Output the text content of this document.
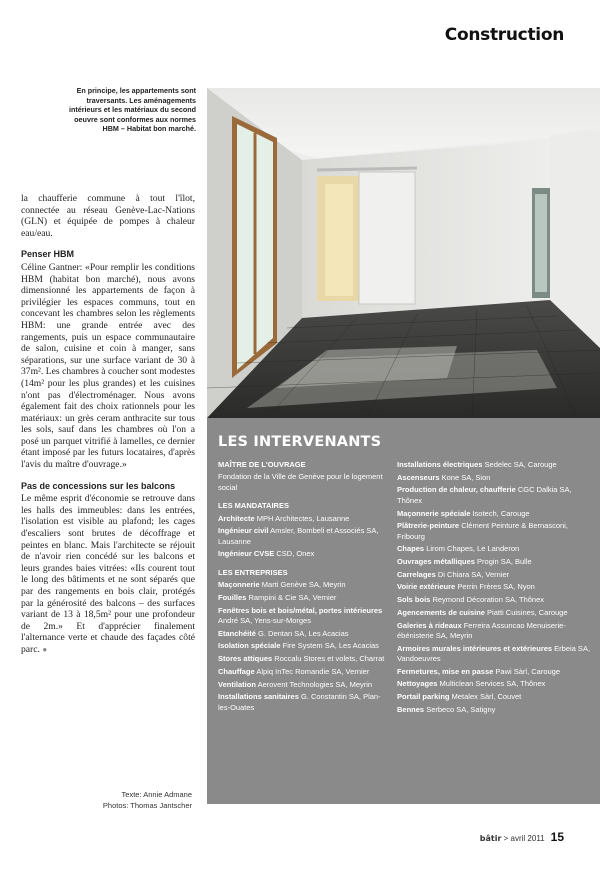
Construction
En principe, les appartements sont traversants. Les aménagements intérieurs et les matériaux du second oeuvre sont conformes aux normes HBM – Habitat bon marché.

la chaufferie commune à tout l'îlot, connectée au réseau Genève-Lac-Nations (GLN) et équipée de pompes à chaleur eau/eau.

Penser HBM

Céline Gantner: «Pour remplir les conditions HBM (habitat bon marché), nous avons dimensionné les appartements de façon à privilégier les espaces communs, tout en concevant les chambres selon les règlements HBM: une grande entrée avec des rangements, puis un espace communautaire de salon, cuisine et coin à manger, sans séparations, sur une surface variant de 30 à 37m². Les chambres à coucher sont modestes (14m² pour les plus grandes) et les cuisines n'ont pas d'électroménager. Nous avons également fait des choix rationnels pour les matériaux: un grès ceram anthracite sur tous les sols, sauf dans les chambres où l'on a posé un parquet vitrifié à lamelles, ce dernier étant imposé par les futurs locataires, d'après l'avis du maître d'ouvrage.»

Pas de concessions sur les balcons

Le même esprit d'économie se retrouve dans les halls des immeubles: dans les entrées, l'isolation est visible au plafond; les cages d'escaliers sont brutes de décoffrage et peintes en blanc. Mais l'architecte se réjouit de n'avoir rien concédé sur les balcons et leurs grandes baies vitrées: «Ils courent tout le long des bâtiments et ne sont séparés que par des rangements en bois clair, protégés par la générosité des balcons – des surfaces variant de 13 à 18,5m² pour une profondeur de 2m.» Et d'apprécier finalement l'alternance verte et chaude des façades côté parc. ●

Texte: Annie Admane
Photos: Thomas Jantscher
LES INTERVENANTS
MAÎTRE DE L'OUVRAGE
Fondation de la Ville de Genève pour le logement social
LES MANDATAIRES
Architecte MPH Architectes, Lausanne
Ingénieur civil Amsler, Bombeli et Associés SA, Lausanne
Ingénieur CVSE CSD, Onex
LES ENTREPRISES
Maçonnerie Marti Genève SA, Meyrin
Fouilles Rampini & Cie SA, Vernier
Fenêtres bois et bois/métal, portes intérieures André SA, Yens-sur-Morges
Etanchéité G. Dentan SA, Les Acacias
Isolation spéciale Fire System SA, Les Acacias
Stores attiques Roccalu Stores et volets, Charrat
Chauffage Alpiq InTec Romandie SA, Vernier
Ventilation Aerovent Technologies SA, Meyrin
Installations sanitaires G. Constantin SA, Plan-les-Ouates
Installations électriques Sedelec SA, Carouge
Ascenseurs Kone SA, Sion
Production de chaleur, chaufferie CGC Dalkia SA, Thônex
Maçonnerie spéciale Isotech, Carouge
Plâtrerie-peinture Clément Peinture & Bernasconi, Fribourg
Chapes Lirom Chapes, Le Landeron
Ouvrages métalliques Progin SA, Bulle
Carrelages Di Chiara SA, Vernier
Voirie extérieure Perrin Frères SA, Nyon
Sols bois Reymond Décoration SA, Thônex
Agencements de cuisine Piatti Cuisines, Carouge
Galeries à rideaux Ferreira Assuncao Menuiserie-ébénisterie SA, Meyrin
Armoires murales intérieures et extérieures Erbeia SA, Vandoeuvres
Fermetures, mise en passe Pawi Sàrl, Carouge
Nettoyages Multiclean Services SA, Thônex
Portail parking Metalex Sàrl, Couvet
Bennes Serbeco SA, Satigny
bâtir > avril 2011 15
